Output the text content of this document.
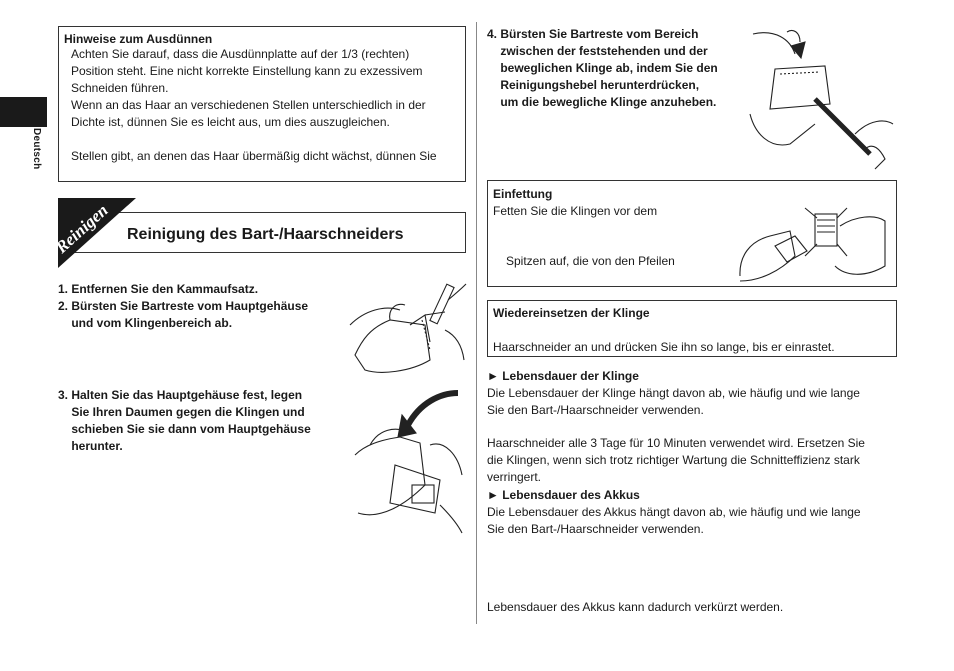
Deutsch
Hinweise zum Ausdünnen
Achten Sie darauf, dass die Ausdünnplatte auf der 1/3 (rechten)
Position steht. Eine nicht korrekte Einstellung kann zu exzessivem
Schneiden führen.
Wenn an das Haar an verschiedenen Stellen unterschiedlich in der
Dichte ist, dünnen Sie es leicht aus, um dies auszugleichen.
Stellen gibt, an denen das Haar übermäßig dicht wächst, dünnen Sie
Reinigen Reinigung des Bart-/Haarschneiders
1. Entfernen Sie den Kammaufsatz.
2. Bürsten Sie Bartreste vom Hauptgehäuse
und vom Klingenbereich ab.
3. Halten Sie das Hauptgehäuse fest, legen
Sie Ihren Daumen gegen die Klingen und
schieben Sie sie dann vom Hauptgehäuse
herunter.
4. Bürsten Sie Bartreste vom Bereich
zwischen der feststehenden und der
beweglichen Klinge ab, indem Sie den
Reinigungshebel herunterdrücken,
um die bewegliche Klinge anzuheben.
Einfettung
Fetten Sie die Klingen vor dem
Spitzen auf, die von den Pfeilen
Wiedereinsetzen der Klinge
Haarschneider an und drücken Sie ihn so lange, bis er einrastet.
► Lebensdauer der Klinge
Die Lebensdauer der Klinge hängt davon ab, wie häufig und wie lange
Sie den Bart-/Haarschneider verwenden.
Haarschneider alle 3 Tage für 10 Minuten verwendet wird. Ersetzen Sie
die Klingen, wenn sich trotz richtiger Wartung die Schnitteffizienz stark
verringert.
► Lebensdauer des Akkus
Die Lebensdauer des Akkus hängt davon ab, wie häufig und wie lange
Sie den Bart-/Haarschneider verwenden.
Lebensdauer des Akkus kann dadurch verkürzt werden.
